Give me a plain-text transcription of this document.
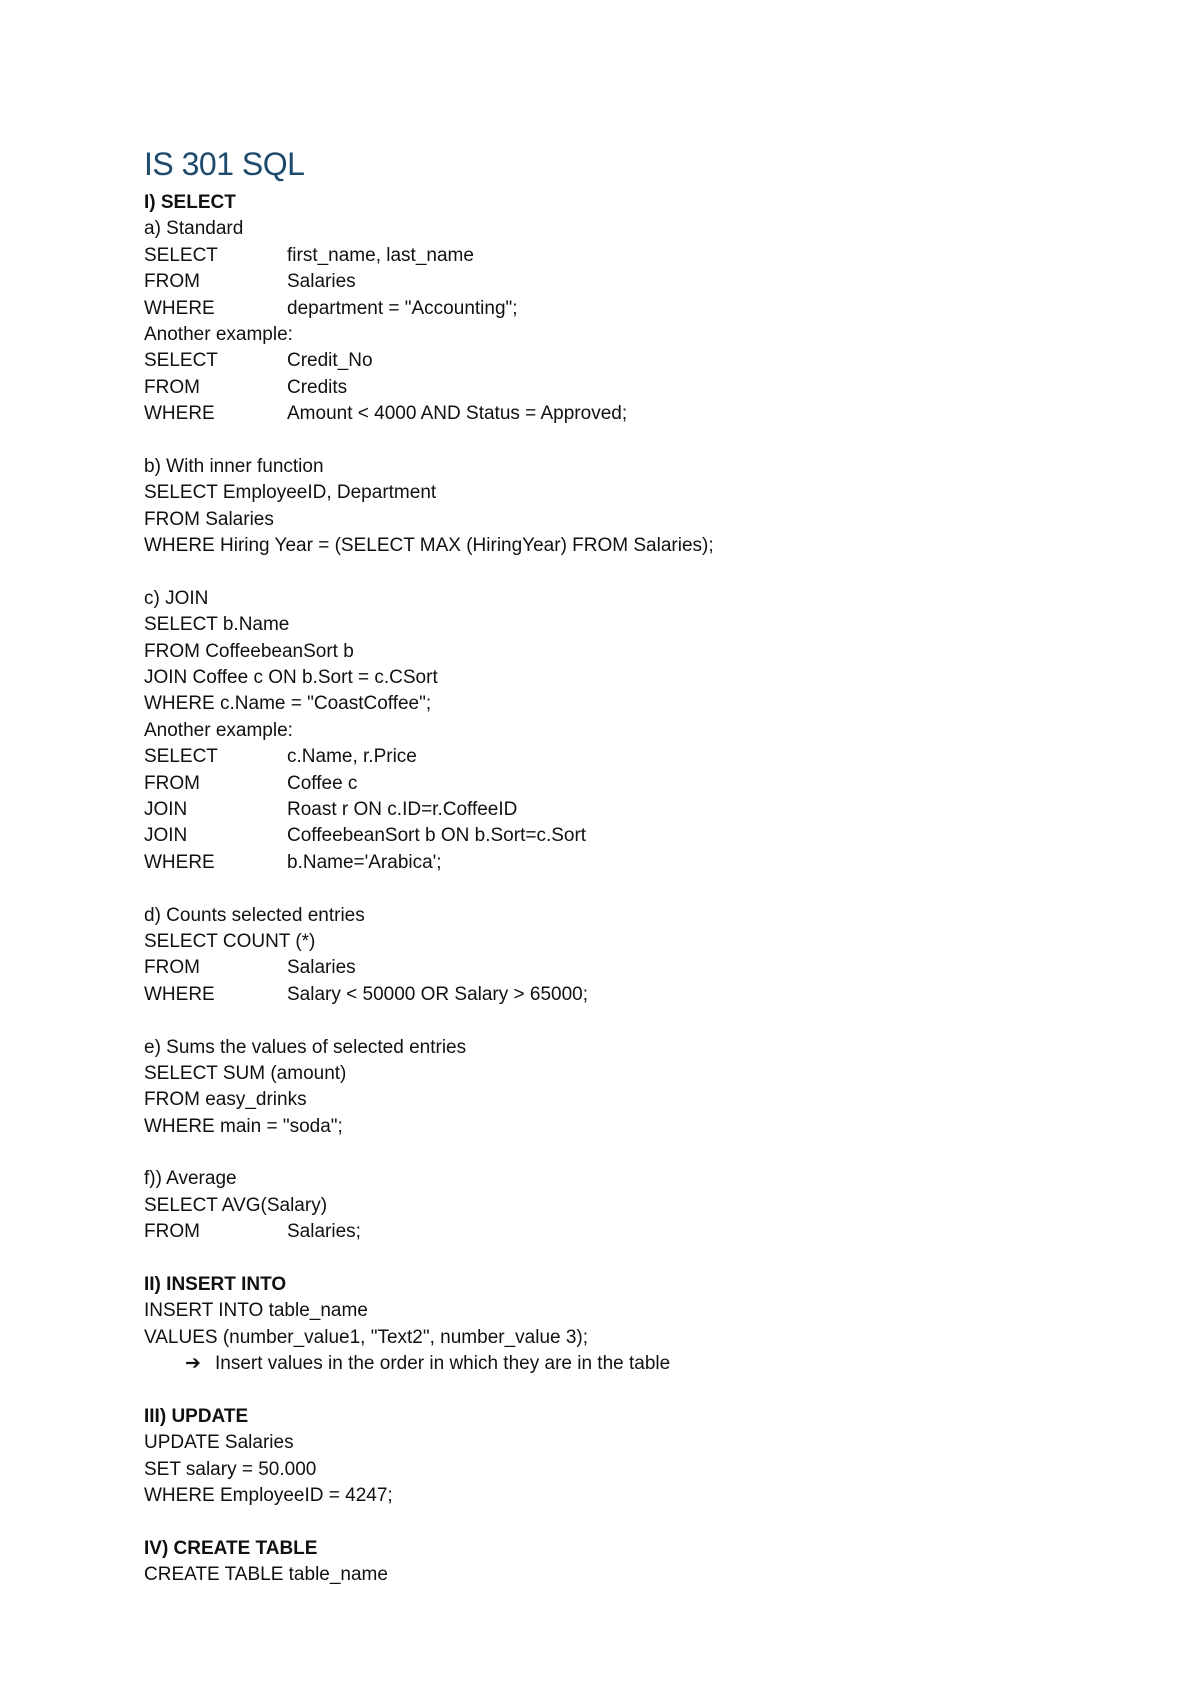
IS 301 SQL
I) SELECT
a) Standard
SELECT	first_name, last_name
FROM	Salaries
WHERE	department = "Accounting";
Another example:
SELECT	Credit_No
FROM	Credits
WHERE	Amount < 4000 AND Status = Approved;
b) With inner function
SELECT EmployeeID, Department
FROM Salaries
WHERE Hiring Year = (SELECT MAX (HiringYear) FROM Salaries);
c) JOIN
SELECT b.Name
FROM CoffeebeanSort b
JOIN Coffee c ON b.Sort = c.CSort
WHERE c.Name = "CoastCoffee";
Another example:
SELECT	c.Name, r.Price
FROM	Coffee c
JOIN	Roast r ON c.ID=r.CoffeeID
JOIN	CoffeebeanSort b ON b.Sort=c.Sort
WHERE	b.Name='Arabica';
d) Counts selected entries
SELECT COUNT (*)
FROM	Salaries
WHERE	Salary < 50000 OR Salary > 65000;
e) Sums the values of selected entries
SELECT SUM (amount)
FROM easy_drinks
WHERE main = "soda";
f)) Average
SELECT AVG(Salary)
FROM	Salaries;
II) INSERT INTO
INSERT INTO table_name
VALUES (number_value1, "Text2", number_value 3);
➔ Insert values in the order in which they are in the table
III) UPDATE
UPDATE Salaries
SET salary = 50.000
WHERE EmployeeID = 4247;
IV) CREATE TABLE
CREATE TABLE table_name
